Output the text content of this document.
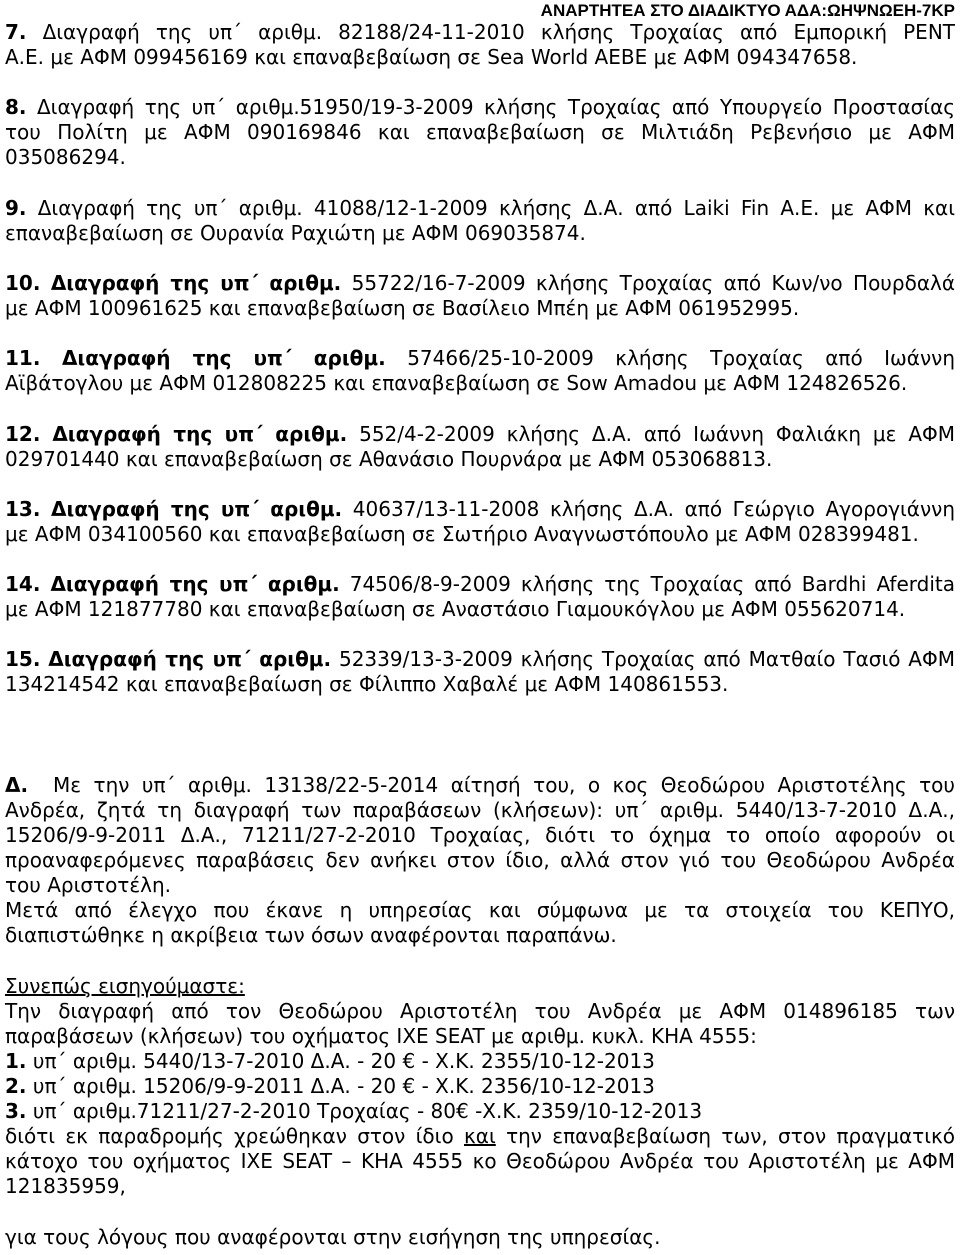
ΑΝΑΡΤΗΤΕΑ ΣΤΟ ΔΙΑΔΙΚΤΥΟ ΑΔΑ:ΩΗΨΝΩΕΗ-7ΚΡ
7. Διαγραφή της υπ΄ αριθμ. 82188/24-11-2010 κλήσης Τροχαίας από Εμπορική ΡΕΝΤ
Α.Ε. με ΑΦΜ 099456169 και επαναβεβαίωση σε Sea World ΑΕΒΕ με ΑΦΜ 094347658.
8. Διαγραφή της υπ΄ αριθμ.51950/19-3-2009 κλήσης Τροχαίας από Υπουργείο Προστασίας
του Πολίτη με ΑΦΜ 090169846 και επαναβεβαίωση σε Μιλτιάδη Ρεβενήσιο με ΑΦΜ
035086294.
9. Διαγραφή της υπ΄ αριθμ. 41088/12-1-2009 κλήσης Δ.Α. από Laiki Fin Α.Ε. με ΑΦΜ και
επαναβεβαίωση σε Ουρανία Ραχιώτη με ΑΦΜ 069035874.
10. Διαγραφή της υπ΄ αριθμ. 55722/16-7-2009 κλήσης Τροχαίας από Κων/νο Πουρδαλά
με ΑΦΜ 100961625 και επαναβεβαίωση σε Βασίλειο Μπέη με ΑΦΜ 061952995.
11. Διαγραφή της υπ΄ αριθμ. 57466/25-10-2009 κλήσης Τροχαίας από Ιωάννη
Αϊβάτογλου με ΑΦΜ 012808225 και επαναβεβαίωση σε Sow Amadou με ΑΦΜ 124826526.
12. Διαγραφή της υπ΄ αριθμ. 552/4-2-2009 κλήσης Δ.Α. από Ιωάννη Φαλιάκη με ΑΦΜ
029701440 και επαναβεβαίωση σε Αθανάσιο Πουρνάρα με ΑΦΜ 053068813.
13. Διαγραφή της υπ΄ αριθμ. 40637/13-11-2008 κλήσης Δ.Α. από Γεώργιο Αγορογιάννη
με ΑΦΜ 034100560 και επαναβεβαίωση σε Σωτήριο Αναγνωστόπουλο με ΑΦΜ 028399481.
14. Διαγραφή της υπ΄ αριθμ. 74506/8-9-2009 κλήσης της Τροχαίας από Bardhi Aferdita
με ΑΦΜ 121877780 και επαναβεβαίωση σε Αναστάσιο Γιαμουκόγλου με ΑΦΜ 055620714.
15. Διαγραφή της υπ΄ αριθμ. 52339/13-3-2009 κλήσης Τροχαίας από Ματθαίο Τασιό ΑΦΜ
134214542 και επαναβεβαίωση σε Φίλιππο Χαβαλέ με ΑΦΜ 140861553.
Δ. Με την υπ΄ αριθμ. 13138/22-5-2014 αίτησή του, ο κος Θεοδώρου Αριστοτέλης του
Ανδρέα, ζητά τη διαγραφή των παραβάσεων (κλήσεων): υπ΄ αριθμ. 5440/13-7-2010 Δ.Α.,
15206/9-9-2011 Δ.Α., 71211/27-2-2010 Τροχαίας, διότι το όχημα το οποίο αφορούν οι
προαναφερόμενες παραβάσεις δεν ανήκει στον ίδιο, αλλά στον γιό του Θεοδώρου Ανδρέα
του Αριστοτέλη.
Μετά από έλεγχο που έκανε η υπηρεσίας και σύμφωνα με τα στοιχεία του ΚΕΠΥΟ,
διαπιστώθηκε η ακρίβεια των όσων αναφέρονται παραπάνω.
Συνεπώς εισηγούμαστε:
Την διαγραφή από τον Θεοδώρου Αριστοτέλη του Ανδρέα με ΑΦΜ 014896185 των
παραβάσεων (κλήσεων) του οχήματος ΙΧΕ SEAT με αριθμ. κυκλ. ΚΗΑ 4555:
1. υπ΄ αριθμ. 5440/13-7-2010 Δ.Α. - 20 € - Χ.Κ. 2355/10-12-2013
2. υπ΄ αριθμ. 15206/9-9-2011 Δ.Α. - 20 € - Χ.Κ. 2356/10-12-2013
3. υπ΄ αριθμ.71211/27-2-2010 Τροχαίας - 80€ -Χ.Κ. 2359/10-12-2013
διότι εκ παραδρομής χρεώθηκαν στον ίδιο και την επαναβεβαίωση των, στον πραγματικό
κάτοχο του οχήματος ΙΧΕ SEAT – ΚΗΑ 4555 κο Θεοδώρου Ανδρέα του Αριστοτέλη με ΑΦΜ
121835959,
για τους λόγους που αναφέρονται στην εισήγηση της υπηρεσίας.
